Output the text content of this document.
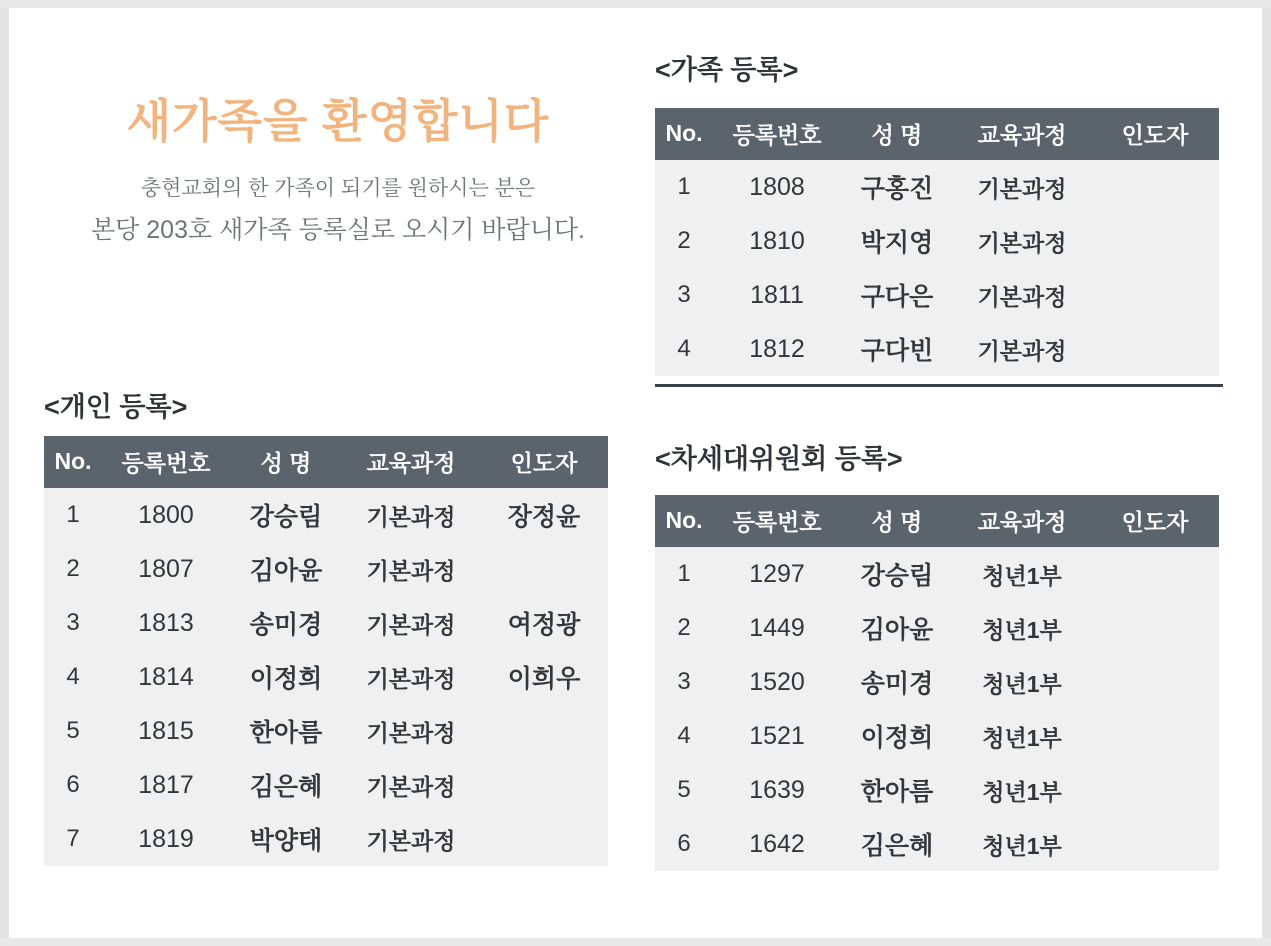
새가족을 환영합니다
충현교회의 한 가족이 되기를 원하시는 분은
본당 203호 새가족 등록실로 오시기 바랍니다.
<개인 등록>
No.	등록번호	성 명	교육과정	인도자
1	1800	강승림	기본과정	장정윤
2	1807	김아윤	기본과정	
3	1813	송미경	기본과정	여정광
4	1814	이정희	기본과정	이희우
5	1815	한아름	기본과정	
6	1817	김은혜	기본과정	
7	1819	박양태	기본과정	
<가족 등록>
No.	등록번호	성 명	교육과정	인도자
1	1808	구홍진	기본과정	
2	1810	박지영	기본과정	
3	1811	구다은	기본과정	
4	1812	구다빈	기본과정	
<차세대위원회 등록>
No.	등록번호	성 명	교육과정	인도자
1	1297	강승림	청년1부	
2	1449	김아윤	청년1부	
3	1520	송미경	청년1부	
4	1521	이정희	청년1부	
5	1639	한아름	청년1부	
6	1642	김은혜	청년1부	
